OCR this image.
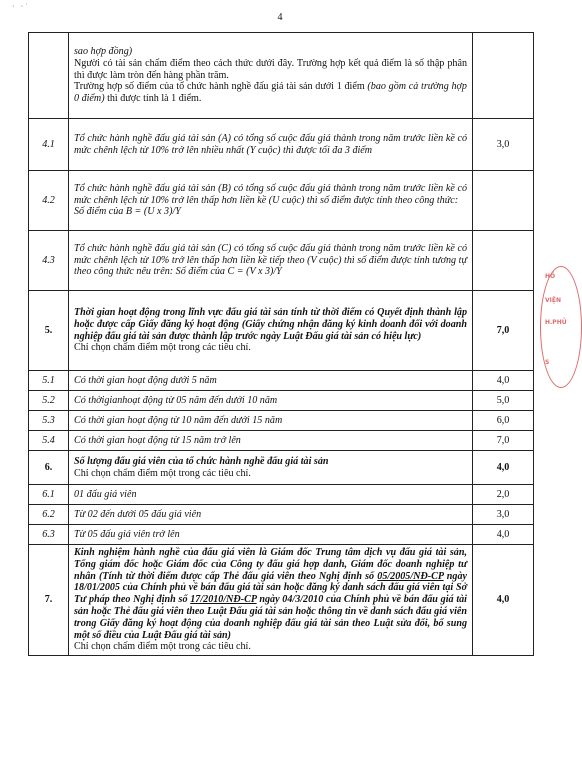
· ·˙
4

	sao hợp đồng)
Người có tài sản chấm điểm theo cách thức dưới đây. Trường hợp kết quả điểm là số thập phân thì được làm tròn đến hàng phần trăm.
Trường hợp số điểm của tổ chức hành nghề đấu giá tài sản dưới 1 điểm (bao gồm cả trường hợp 0 điểm) thì được tính là 1 điểm.	

4.1	Tổ chức hành nghề đấu giá tài sản (A) có tổng số cuộc đấu giá thành trong năm trước liền kề có mức chênh lệch từ 10% trở lên nhiều nhất (Y cuộc) thì được tối đa 3 điểm	3,0
4.2	Tổ chức hành nghề đấu giá tài sản (B) có tổng số cuộc đấu giá thành trong năm trước liền kề có mức chênh lệch từ 10% trở lên thấp hơn liền kề (U cuộc) thì số điểm được tính theo công thức:
Số điểm của B = (U x 3)/Y	

4.3	Tổ chức hành nghề đấu giá tài sản (C) có tổng số cuộc đấu giá thành trong năm trước liền kề có mức chênh lệch từ 10% trở lên thấp hơn liền kề tiếp theo (V cuộc) thì số điểm được tính tương tự theo công thức nêu trên: Số điểm của C = (V x 3)/Y	
5.	Thời gian hoạt động trong lĩnh vực đấu giá tài sản tính từ thời điểm có Quyết định thành lập hoặc được cấp Giấy đăng ký hoạt động (Giấy chứng nhận đăng ký kinh doanh đối với doanh nghiệp đấu giá tài sản được thành lập trước ngày Luật Đấu giá tài sản có hiệu lực)
Chỉ chọn chấm điểm một trong các tiêu chí.	7,0
5.1	Có thời gian hoạt động dưới 5 năm	4,0
5.2	Có thờigianhoạt động từ 05 năm đến dưới 10 năm	5,0
5.3	Có thời gian hoạt động từ 10 năm đến dưới 15 năm	6,0
5.4	Có thời gian hoạt động từ 15 năm trở lên	7,0
6.	Số lượng đấu giá viên của tổ chức hành nghề đấu giá tài sản
Chỉ chọn chấm điểm một trong các tiêu chí.	4,0
6.1	01 đấu giá viên	2,0
6.2	Từ 02 đến dưới 05 đấu giá viên	3,0
6.3	Từ 05 đấu giá viên trở lên	4,0
7.	Kinh nghiệm hành nghề của đấu giá viên là Giám đốc Trung tâm dịch vụ đấu giá tài sản, Tổng giám đốc hoặc Giám đốc của Công ty đấu giá hợp danh, Giám đốc doanh nghiệp tư nhân (Tính từ thời điểm được cấp Thẻ đấu giá viên theo Nghị định số 05/2005/NĐ-CP ngày 18/01/2005 của Chính phủ về bán đấu giá tài sản hoặc đăng ký danh sách đấu giá viên tại Sở Tư pháp theo Nghị định số 17/2010/NĐ-CP ngày 04/3/2010 của Chính phủ về bán đấu giá tài sản hoặc Thẻ đấu giá viên theo Luật Đấu giá tài sản hoặc thông tin về danh sách đấu giá viên trong Giấy đăng ký hoạt động của doanh nghiệp đấu giá tài sản theo Luật sửa đổi, bổ sung một số điều của Luật Đấu giá tài sản)
Chỉ chọn chấm điểm một trong các tiêu chí.	4,0
HỒ
VIỆN
H.PHỦ
S
